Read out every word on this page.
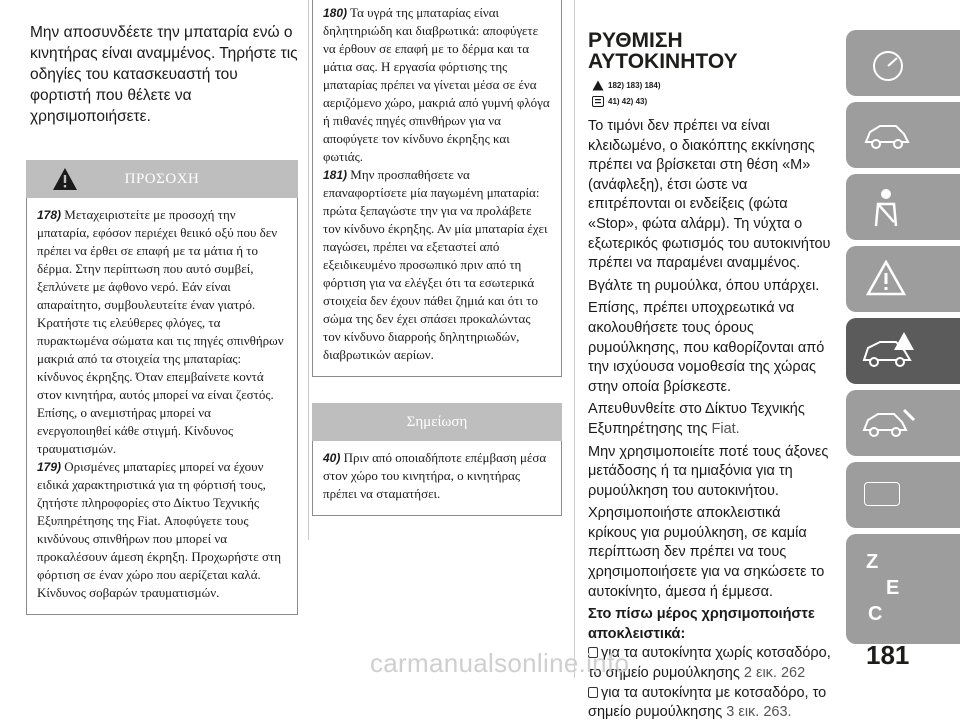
Μην αποσυνδέετε την μπαταρία ενώ ο κινητήρας είναι αναμμένος. Τηρήστε τις οδηγίες του κατασκευαστή του φορτιστή που θέλετε να χρησιμοποιήσετε.

ΠΡΟΣΟΧΗ

178) Μεταχειριστείτε με προσοχή την μπαταρία, εφόσον περιέχει θειικό οξύ που δεν πρέπει να έρθει σε επαφή με τα μάτια ή το δέρμα. Στην περίπτωση που αυτό συμβεί, ξεπλύνετε με άφθονο νερό. Εάν είναι απαραίτητο, συμβουλευτείτε έναν γιατρό. Κρατήστε τις ελεύθερες φλόγες, τα πυρακτωμένα σώματα και τις πηγές σπινθήρων μακριά από τα στοιχεία της μπαταρίας: κίνδυνος έκρηξης. Όταν επεμβαίνετε κοντά στον κινητήρα, αυτός μπορεί να είναι ζεστός. Επίσης, ο ανεμιστήρας μπορεί να ενεργοποιηθεί κάθε στιγμή. Κίνδυνος τραυματισμών.

179) Ορισμένες μπαταρίες μπορεί να έχουν ειδικά χαρακτηριστικά για τη φόρτισή τους, ζητήστε πληροφορίες στο Δίκτυο Τεχνικής Εξυπηρέτησης της Fiat. Αποφύγετε τους κινδύνους σπινθήρων που μπορεί να προκαλέσουν άμεση έκρηξη. Προχωρήστε στη φόρτιση σε έναν χώρο που αερίζεται καλά. Κίνδυνος σοβαρών τραυματισμών.

180) Τα υγρά της μπαταρίας είναι δηλητηριώδη και διαβρωτικά: αποφύγετε να έρθουν σε επαφή με το δέρμα και τα μάτια σας. Η εργασία φόρτισης της μπαταρίας πρέπει να γίνεται μέσα σε ένα αεριζόμενο χώρο, μακριά από γυμνή φλόγα ή πιθανές πηγές σπινθήρων για να αποφύγετε τον κίνδυνο έκρηξης και φωτιάς.

181) Μην προσπαθήσετε να επαναφορτίσετε μία παγωμένη μπαταρία: πρώτα ξεπαγώστε την για να προλάβετε τον κίνδυνο έκρηξης. Αν μία μπαταρία έχει παγώσει, πρέπει να εξεταστεί από εξειδικευμένο προσωπικό πριν από τη φόρτιση για να ελέγξει ότι τα εσωτερικά στοιχεία δεν έχουν πάθει ζημιά και ότι το σώμα της δεν έχει σπάσει προκαλώντας τον κίνδυνο διαρροής δηλητηριωδών, διαβρωτικών αερίων.

Σημείωση

40) Πριν από οποιαδήποτε επέμβαση μέσα στον χώρο του κινητήρα, ο κινητήρας πρέπει να σταματήσει.

ΡΥΘΜΙΣΗ
ΑΥΤΟΚΙΝΗΤΟΥ
182) 183) 184)
41) 42) 43)

Το τιμόνι δεν πρέπει να είναι κλειδωμένο, ο διακόπτης εκκίνησης πρέπει να βρίσκεται στη θέση «M» (ανάφλεξη), έτσι ώστε να επιτρέπονται οι ενδείξεις (φώτα «Stop», φώτα αλάρμ). Τη νύχτα ο εξωτερικός φωτισμός του αυτοκινήτου πρέπει να παραμένει αναμμένος.

Βγάλτε τη ρυμούλκα, όπου υπάρχει.

Επίσης, πρέπει υποχρεωτικά να ακολουθήσετε τους όρους ρυμούλκησης, που καθορίζονται από την ισχύουσα νομοθεσία της χώρας στην οποία βρίσκεστε.

Απευθυνθείτε στο Δίκτυο Τεχνικής Εξυπηρέτησης της Fiat.

Μην χρησιμοποιείτε ποτέ τους άξονες μετάδοσης ή τα ημιαξόνια για τη ρυμούλκηση του αυτοκινήτου.

Χρησιμοποιήστε αποκλειστικά κρίκους για ρυμούλκηση, σε καμία περίπτωση δεν πρέπει να τους χρησιμοποιήσετε για να σηκώσετε το αυτοκίνητο, άμεσα ή έμμεσα.

Στο πίσω μέρος χρησιμοποιήστε αποκλειστικά:

για τα αυτοκίνητα χωρίς κοτσαδόρο, το σημείο ρυμούλκησης 2 εικ. 262

για τα αυτοκίνητα με κοτσαδόρο, το σημείο ρυμούλκησης 3 εικ. 263.

Z
E
C
carmanualsonline.info	181
